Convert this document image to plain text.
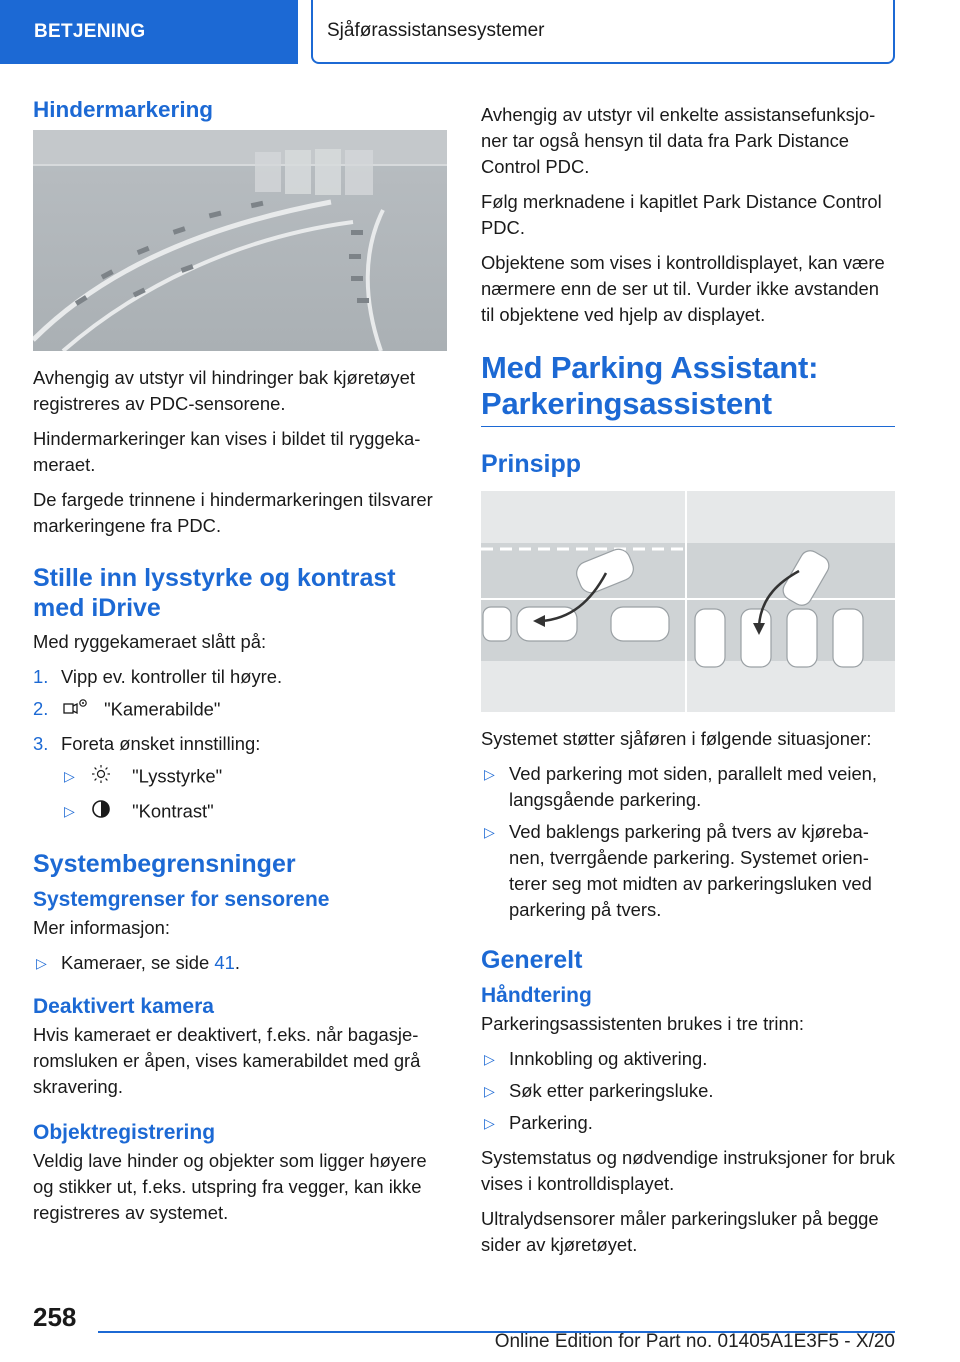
BETJENING	Sjåførassistansesystemer
Hindermarkering

Avhengig av utstyr vil hindringer bak kjøretøyet registreres av PDC-sensorene.

Hindermarkeringer kan vises i bildet til ryggekameraet.

De fargede trinnene i hindermarkeringen tilsvarer markeringene fra PDC.

Stille inn lysstyrke og kontrast med iDrive

Med ryggekameraet slått på:

1. Vipp ev. kontroller til høyre.
2.	"Kamerabilde"
3. Foreta ønsket innstilling:
▷	"Lysstyrke"
▷	"Kontrast"
Systembegrensninger
Systemgrenser for sensorene

Mer informasjon:

▷ Kameraer, se side 41.
Deaktivert kamera

Hvis kameraet er deaktivert, f.eks. når bagasjeromsluken er åpen, vises kamerabildet med grå skravering.

Objektregistrering

Veldig lave hinder og objekter som ligger høyere og stikker ut, f.eks. utspring fra vegger, kan ikke registreres av systemet.

Avhengig av utstyr vil enkelte assistansefunksjoner tar også hensyn til data fra Park Distance Control PDC.

Følg merknadene i kapitlet Park Distance Control PDC.

Objektene som vises i kontrolldisplayet, kan være nærmere enn de ser ut til. Vurder ikke avstanden til objektene ved hjelp av displayet.

Med Parking Assistant: Parkeringsassistent
Prinsipp

Systemet støtter sjåføren i følgende situasjoner:

▷ Ved parkering mot siden, parallelt med veien, langsgående parkering.
▷ Ved baklengs parkering på tvers av kjørebanen, tverrgående parkering. Systemet orienterer seg mot midten av parkeringsluken ved parkering på tvers.
Generelt
Håndtering

Parkeringsassistenten brukes i tre trinn:

▷ Innkobling og aktivering.
▷ Søk etter parkeringsluke.
▷ Parkering.

Systemstatus og nødvendige instruksjoner for bruk vises i kontrolldisplayet.

Ultralydsensorer måler parkeringsluker på begge sider av kjøretøyet.

258
Online Edition for Part no. 01405A1E3F5 - X/20
